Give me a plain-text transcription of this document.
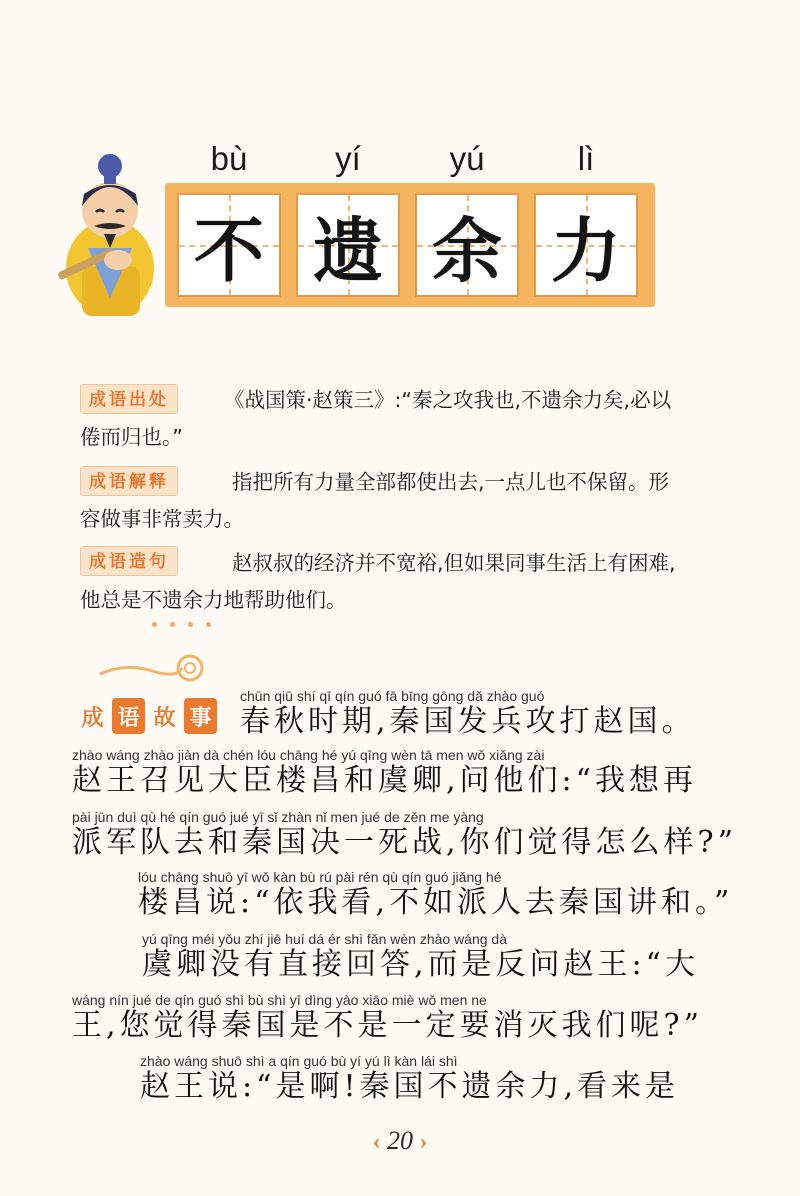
不 遗 余 力
bù	yí	yú	lì
成语出处	《战国策·赵策三》:“秦之攻我也,不遗余力矣,必以
倦而归也。”
成语解释	指把所有力量全部都使出去,一点儿也不保留。形
容做事非常卖力。
成语造句	赵叔叔的经济并不宽裕,但如果同事生活上有困难,
他总是不遗余力地帮助他们。
成 语 故 事
chūn qiū shí qī qín guó fā bīng gōng dǎ zhào guó
春秋时期,秦国发兵攻打赵国。
zhào wáng zhào jiàn dà chén lóu chāng hé yú qīng wèn tā men wǒ xiǎng zài
赵王召见大臣楼昌和虞卿,问他们:“我想再
pài jūn duì qù hé qín guó jué yī sǐ zhàn nǐ men jué de zěn me yàng
派军队去和秦国决一死战,你们觉得怎么样?”
lóu chāng shuō yī wǒ kàn bù rú pài rén qù qín guó jiǎng hé
楼昌说:“依我看,不如派人去秦国讲和。”
yú qīng méi yǒu zhí jiē huí dá ér shì fǎn wèn zhào wáng dà
虞卿没有直接回答,而是反问赵王:“大
wáng nín jué de qín guó shì bù shì yī dìng yào xiāo miè wǒ men ne
王,您觉得秦国是不是一定要消灭我们呢?”
zhào wáng shuō shì a qín guó bù yí yú lì kàn lái shì
赵王说:“是啊!秦国不遗余力,看来是
‹ 20 ›
